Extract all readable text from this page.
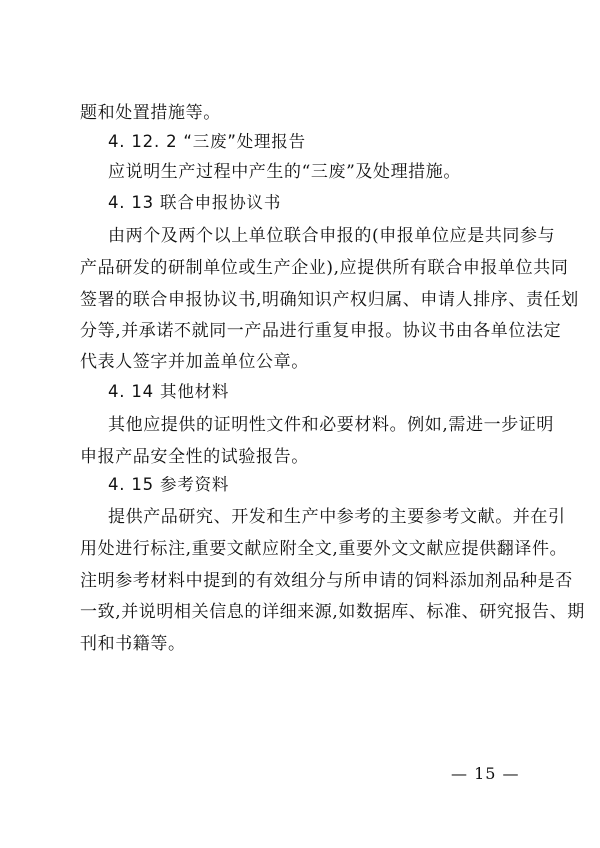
题和处置措施等。
4. 12. 2 “三废”处理报告
应说明生产过程中产生的“三废”及处理措施。
4. 13 联合申报协议书
由两个及两个以上单位联合申报的(申报单位应是共同参与
产品研发的研制单位或生产企业),应提供所有联合申报单位共同
签署的联合申报协议书,明确知识产权归属、申请人排序、责任划
分等,并承诺不就同一产品进行重复申报。协议书由各单位法定
代表人签字并加盖单位公章。
4. 14 其他材料
其他应提供的证明性文件和必要材料。例如,需进一步证明
申报产品安全性的试验报告。
4. 15 参考资料
提供产品研究、开发和生产中参考的主要参考文献。并在引
用处进行标注,重要文献应附全文,重要外文文献应提供翻译件。
注明参考材料中提到的有效组分与所申请的饲料添加剂品种是否
一致,并说明相关信息的详细来源,如数据库、标准、研究报告、期
刊和书籍等。
— 15 —
